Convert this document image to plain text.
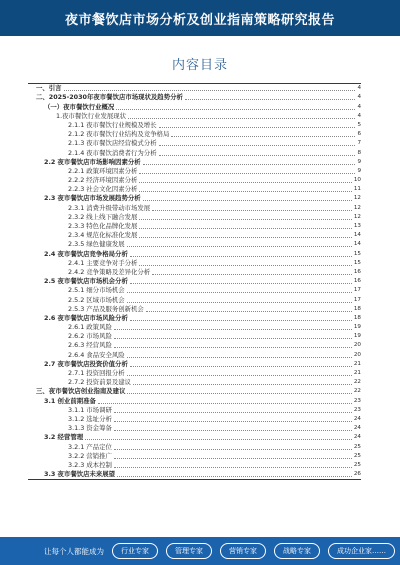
夜市餐饮店市场分析及创业指南策略研究报告
内容目录
一、引言	4
二、2025-2030年夜市餐饮店市场现状及趋势分析	4
（一）夜市餐饮行业概况	4
1.夜市餐饮行业发展现状	4
2.1.1 夜市餐饮行业规模及增长	5
2.1.2 夜市餐饮行业结构及竞争格局	6
2.1.3 夜市餐饮店经营模式分析	7
2.1.4 夜市餐饮消费者行为分析	8
2.2 夜市餐饮店市场影响因素分析	9
2.2.1 政策环境因素分析	9
2.2.2 经济环境因素分析	10
2.2.3 社会文化因素分析	11
2.3 夜市餐饮店市场发展趋势分析	12
2.3.1 消费升级带动市场发展	12
2.3.2 线上线下融合发展	12
2.3.3 特色化品牌化发展	13
2.3.4 规范化标准化发展	14
2.3.5 绿色健康发展	14
2.4 夜市餐饮店竞争格局分析	15
2.4.1 主要竞争对手分析	15
2.4.2 竞争策略及差异化分析	16
2.5 夜市餐饮店市场机会分析	16
2.5.1 细分市场机会	17
2.5.2 区域市场机会	17
2.5.3 产品及服务创新机会	18
2.6 夜市餐饮店市场风险分析	18
2.6.1 政策风险	19
2.6.2 市场风险	19
2.6.3 经营风险	20
2.6.4 食品安全风险	20
2.7 夜市餐饮店投资价值分析	21
2.7.1 投资回报分析	21
2.7.2 投资前景及建议	22
三、夜市餐饮店创业指南及建议	22
3.1 创业前期准备	23
3.1.1 市场调研	23
3.1.2 选址分析	24
3.1.3 资金筹备	24
3.2 经营管理	24
3.2.1 产品定位	25
3.2.2 营销推广	25
3.2.3 成本控制	25
3.3 夜市餐饮店未来展望	26
让每个人都能成为	行业专家	管理专家	营销专家	战略专家	成功企业家……
